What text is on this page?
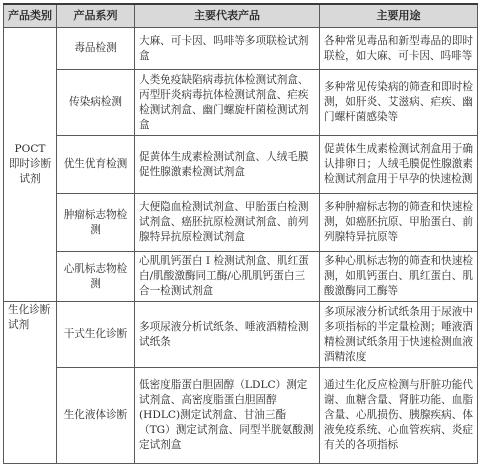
产品类别	产品系列	主要代表产品	主要用途
POCT 即时诊断试剂	毒品检测	大麻、可卡因、吗啡等多项联检试剂盒	各种常见毒品和新型毒品的即时联检，如大麻、可卡因、吗啡等
	传染病检测	人类免疫缺陷病毒抗体检测试剂盒、丙型肝炎病毒抗体检测试剂盒、疟疾检测试剂盒、幽门螺旋杆菌检测试剂盒	多种常见传染病的筛查和即时检测，如肝炎、艾滋病、疟疾、幽门螺杆菌感染等
	优生优育检测	促黄体生成素检测试剂盒、人绒毛膜促性腺激素检测试剂盒	促黄体生成素检测试剂盒用于确认排卵日；人绒毛膜促性腺激素检测试剂盒用于早孕的快速检测
	肿瘤标志物检测	大便隐血检测试剂盒、甲胎蛋白检测试剂盒、癌胚抗原检测试剂盒、前列腺特异抗原检测试剂盒	多种肿瘤标志物的筛查和快速检测，如癌胚抗原、甲胎蛋白、前列腺特异抗原等
	心肌标志物检测	心肌肌钙蛋白 I 检测试剂盒、肌红蛋白/肌酸激酶同工酶/心肌肌钙蛋白三合一检测试剂盒	多种心肌标志物的筛查和快速检测，如肌钙蛋白、肌红蛋白、肌酸激酶同工酶等
生化诊断试剂	干式生化诊断	多项尿液分析试纸条、唾液酒精检测试纸条	多项尿液分析试纸条用于尿液中多项指标的半定量检测；唾液酒精检测试纸条用于快速检测血液酒精浓度
	生化液体诊断	低密度脂蛋白胆固醇（LDLC）测定试剂盒、高密度脂蛋白胆固醇(HDLC)测定试剂盒、甘油三酯（TG）测定试剂盒、同型半胱氨酸测定试剂盒	通过生化反应检测与肝脏功能代谢、血糖含量、肾脏功能、血脂含量、心肌损伤、胰腺疾病、体液免疫系统、心血管疾病、炎症有关的各项指标
